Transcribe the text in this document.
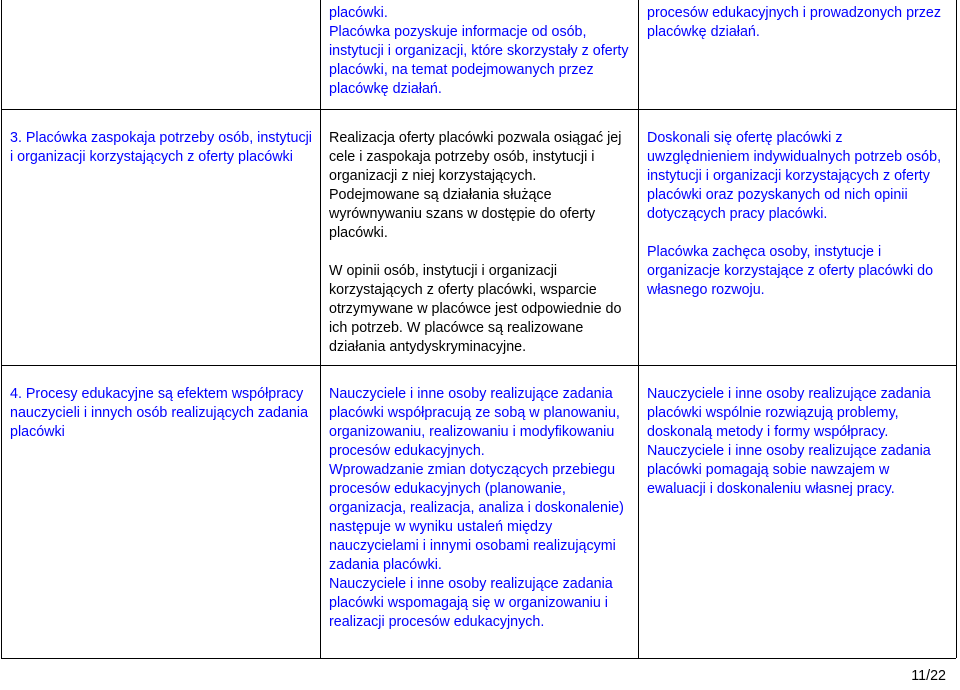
placówki.

Placówka pozyskuje informacje od osób, instytucji i organizacji, które skorzystały z oferty placówki, na temat podejmowanych przez placówkę działań.

procesów edukacyjnych i prowadzonych przez placówkę działań.

3. Placówka zaspokaja potrzeby osób, instytucji i organizacji korzystających z oferty placówki

Realizacja oferty placówki pozwala osiągać jej cele i zaspokaja potrzeby osób, instytucji i organizacji z niej korzystających.

Podejmowane są działania służące wyrównywaniu szans w dostępie do oferty placówki.

W opinii osób, instytucji i organizacji korzystających z oferty placówki, wsparcie otrzymywane w placówce jest odpowiednie do ich potrzeb. W placówce są realizowane działania antydyskryminacyjne.

Doskonali się ofertę placówki z uwzględnieniem indywidualnych potrzeb osób, instytucji i organizacji korzystających z oferty placówki oraz pozyskanych od nich opinii dotyczących pracy placówki.

Placówka zachęca osoby, instytucje i organizacje korzystające z oferty placówki do własnego rozwoju.

4. Procesy edukacyjne są efektem współpracy nauczycieli i innych osób realizujących zadania placówki

Nauczyciele i inne osoby realizujące zadania placówki współpracują ze sobą w planowaniu, organizowaniu, realizowaniu i modyfikowaniu procesów edukacyjnych.

Wprowadzanie zmian dotyczących przebiegu procesów edukacyjnych (planowanie, organizacja, realizacja, analiza i doskonalenie) następuje w wyniku ustaleń między nauczycielami i innymi osobami realizującymi zadania placówki.

Nauczyciele i inne osoby realizujące zadania placówki wspomagają się w organizowaniu i realizacji procesów edukacyjnych.

Nauczyciele i inne osoby realizujące zadania placówki wspólnie rozwiązują problemy, doskonalą metody i formy współpracy.

Nauczyciele i inne osoby realizujące zadania placówki pomagają sobie nawzajem w ewaluacji i doskonaleniu własnej pracy.

11/22
